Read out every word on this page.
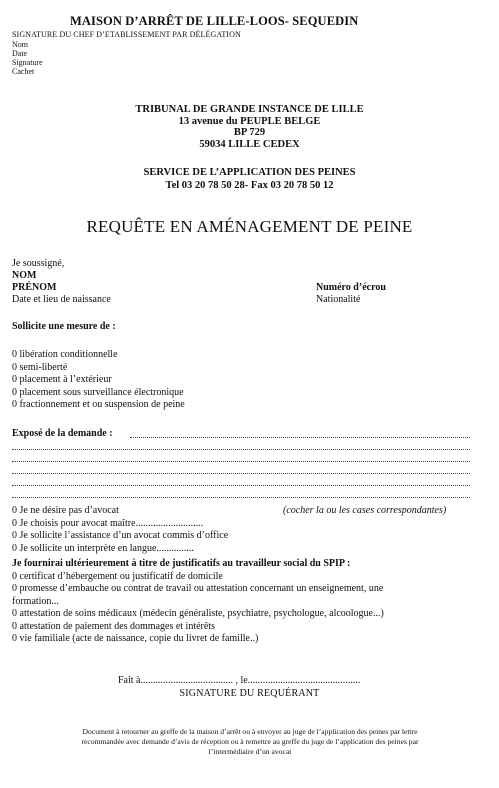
MAISON D’ARRÊT DE LILLE-LOOS- SEQUEDIN
SIGNATURE DU CHEF D’ETABLISSEMENT PAR DÉLÉGATION
Nom
Date
Signature
Cachet
TRIBUNAL DE GRANDE INSTANCE DE LILLE
13 avenue du PEUPLE BELGE
BP 729
59034 LILLE CEDEX
SERVICE DE L’APPLICATION DES PEINES
Tel 03 20 78 50 28- Fax 03 20 78 50 12
REQUÊTE EN AMÉNAGEMENT DE PEINE
Je soussigné,
NOM
PRÉNOM
Date et lieu de naissance
Numéro d’écrou
Nationalité
Sollicite une mesure de :
0 libération conditionnelle
0 semi-liberté
0 placement à l’extérieur
0 placement sous surveillance électronique
0 fractionnement et ou suspension de peine
Exposé de la demande :
(cocher la ou les cases correspondantes)
0 Je ne désire pas d’avocat
0 Je choisis pour avocat maître...........................
0 Je sollicite l’assistance d’un avocat commis d’office
0 Je sollicite un interprète en langue...............
Je fournirai ultérieurement à titre de justificatifs au travailleur social du SPIP :
0 certificat d’hébergement ou justificatif de domicile
0 promesse d’embauche ou contrat de travail ou attestation concernant un enseignement, une
formation...
0 attestation de soins médicaux (médecin généraliste, psychiatre, psychologue, alcoologue...)
0 attestation de paiement des dommages et intérêts
0 vie familiale (acte de naissance, copie du livret de famille..)
Fait à..................................... , le.............................................
SIGNATURE DU REQUÉRANT
Document à retourner au greffe de la maison d’arrêt ou à envoyer au juge de l’application des peines par lettre
recommandée avec demande d’avis de réception ou à remettre au greffe du juge de l’application des peines par
l’intermédiaire d’un avocat
